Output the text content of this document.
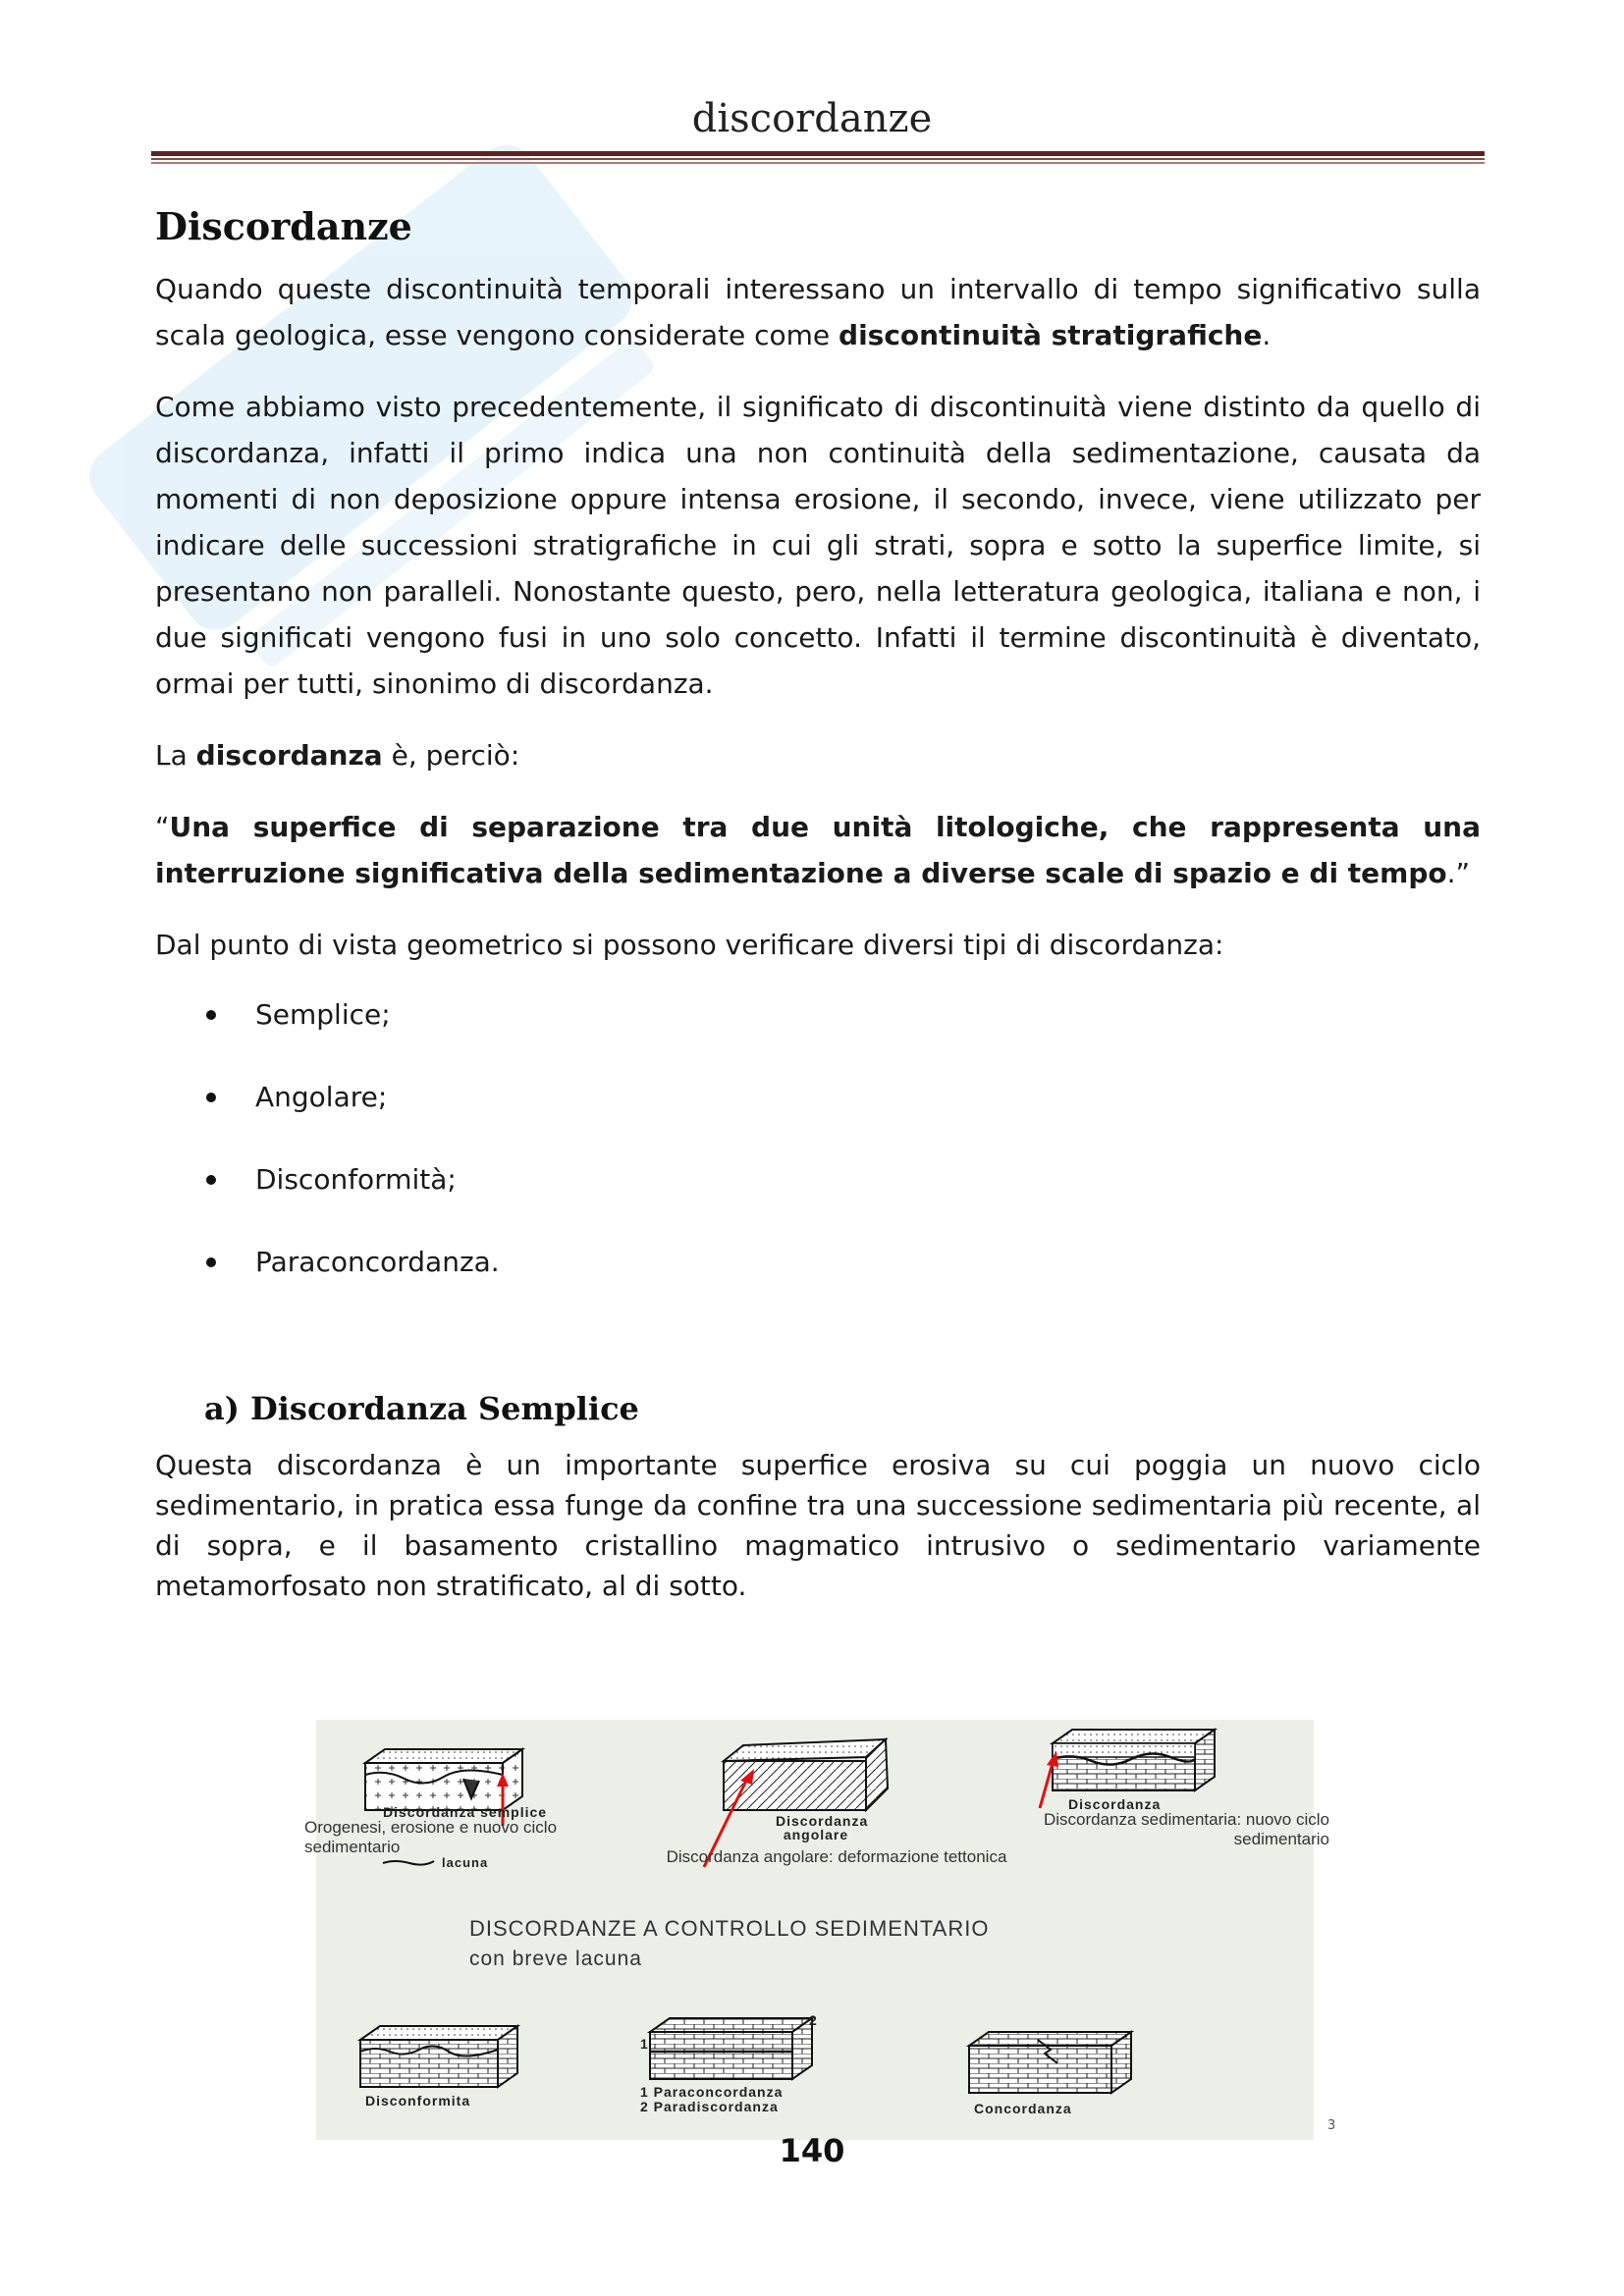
discordanze
Discordanze

Quando queste discontinuità temporali interessano un intervallo di tempo significativo sulla scala geologica, esse vengono considerate come discontinuità stratigrafiche.

Come abbiamo visto precedentemente, il significato di discontinuità viene distinto da quello di discordanza, infatti il primo indica una non continuità della sedimentazione, causata da momenti di non deposizione oppure intensa erosione, il secondo, invece, viene utilizzato per indicare delle successioni stratigrafiche in cui gli strati, sopra e sotto la superfice limite, si presentano non paralleli. Nonostante questo, pero, nella letteratura geologica, italiana e non, i due significati vengono fusi in uno solo concetto. Infatti il termine discontinuità è diventato, ormai per tutti, sinonimo di discordanza.

La discordanza è, perciò:

“Una superfice di separazione tra due unità litologiche, che rappresenta una interruzione significativa della sedimentazione a diverse scale di spazio e di tempo.”

Dal punto di vista geometrico si possono verificare diversi tipi di discordanza:

Semplice;
Angolare;
Disconformità;
Paraconcordanza.
a) Discordanza Semplice

Questa discordanza è un importante superfice erosiva su cui poggia un nuovo ciclo sedimentario, in pratica essa funge da confine tra una successione sedimentaria più recente, al di sopra, e il basamento cristallino magmatico intrusivo o sedimentario variamente metamorfosato non stratificato, al di sotto.

Discordanza semplice
Orogenesi, erosione e nuovo ciclo sedimentario
lacuna
Discordanza
angolare
Discordanza angolare: deformazione tettonica
Discordanza
Discordanza sedimentaria: nuovo ciclo sedimentario
DISCORDANZE A CONTROLLO SEDIMENTARIO
con breve lacuna
Disconformita
1
2
1 Paraconcordanza
2 Paradiscordanza	Concordanza
3
140
